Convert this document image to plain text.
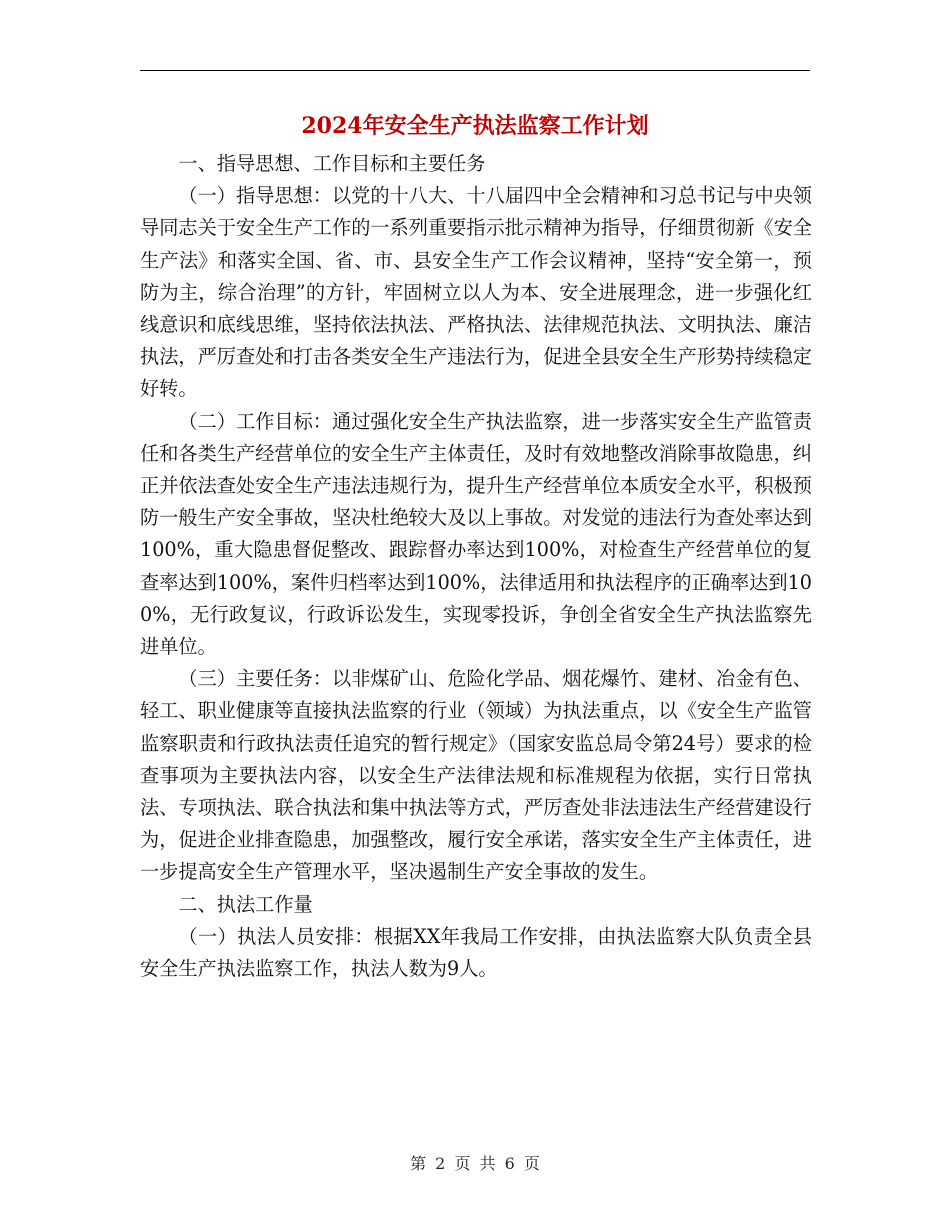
2024年安全生产执法监察工作计划

一、指导思想、工作目标和主要任务

（一）指导思想：以党的十八大、十八届四中全会精神和习总书记与中央领导同志关于安全生产工作的一系列重要指示批示精神为指导，仔细贯彻新《安全生产法》和落实全国、省、市、县安全生产工作会议精神，坚持“安全第一，预防为主，综合治理”的方针，牢固树立以人为本、安全进展理念，进一步强化红线意识和底线思维，坚持依法执法、严格执法、法律规范执法、文明执法、廉洁执法，严厉查处和打击各类安全生产违法行为，促进全县安全生产形势持续稳定好转。

（二）工作目标：通过强化安全生产执法监察，进一步落实安全生产监管责任和各类生产经营单位的安全生产主体责任，及时有效地整改消除事故隐患，纠正并依法查处安全生产违法违规行为，提升生产经营单位本质安全水平，积极预防一般生产安全事故，坚决杜绝较大及以上事故。对发觉的违法行为查处率达到100%，重大隐患督促整改、跟踪督办率达到100%，对检查生产经营单位的复查率达到100%，案件归档率达到100%，法律适用和执法程序的正确率达到100%，无行政复议，行政诉讼发生，实现零投诉，争创全省安全生产执法监察先进单位。

（三）主要任务：以非煤矿山、危险化学品、烟花爆竹、建材、冶金有色、轻工、职业健康等直接执法监察的行业（领域）为执法重点，以《安全生产监管监察职责和行政执法责任追究的暂行规定》（国家安监总局令第24号）要求的检查事项为主要执法内容，以安全生产法律法规和标准规程为依据，实行日常执法、专项执法、联合执法和集中执法等方式，严厉查处非法违法生产经营建设行为，促进企业排查隐患，加强整改，履行安全承诺，落实安全生产主体责任，进一步提高安全生产管理水平，坚决遏制生产安全事故的发生。

二、执法工作量

（一）执法人员安排：根据XX年我局工作安排，由执法监察大队负责全县安全生产执法监察工作，执法人数为9人。

第 2 页 共 6 页
